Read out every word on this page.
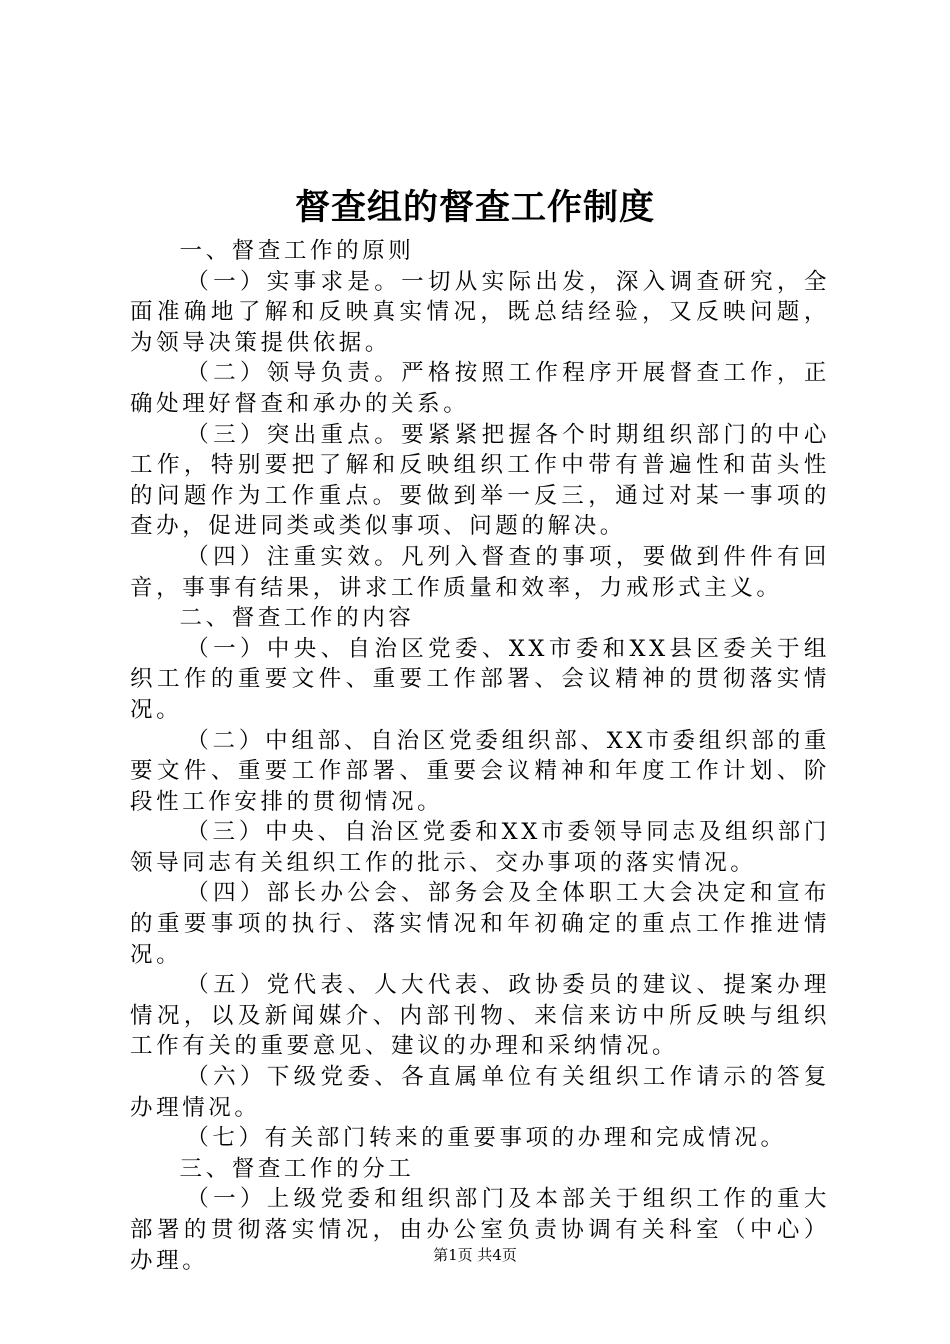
督查组的督查工作制度

一、督查工作的原则

（一）实事求是。一切从实际出发，深入调查研究，全面准确地了解和反映真实情况，既总结经验，又反映问题，为领导决策提供依据。

（二）领导负责。严格按照工作程序开展督查工作，正确处理好督查和承办的关系。

（三）突出重点。要紧紧把握各个时期组织部门的中心工作，特别要把了解和反映组织工作中带有普遍性和苗头性的问题作为工作重点。要做到举一反三，通过对某一事项的查办，促进同类或类似事项、问题的解决。

（四）注重实效。凡列入督查的事项，要做到件件有回音，事事有结果，讲求工作质量和效率，力戒形式主义。

二、督查工作的内容

（一）中央、自治区党委、XX市委和XX县区委关于组织工作的重要文件、重要工作部署、会议精神的贯彻落实情况。

（二）中组部、自治区党委组织部、XX市委组织部的重要文件、重要工作部署、重要会议精神和年度工作计划、阶段性工作安排的贯彻情况。

（三）中央、自治区党委和XX市委领导同志及组织部门领导同志有关组织工作的批示、交办事项的落实情况。

（四）部长办公会、部务会及全体职工大会决定和宣布的重要事项的执行、落实情况和年初确定的重点工作推进情况。

（五）党代表、人大代表、政协委员的建议、提案办理情况，以及新闻媒介、内部刊物、来信来访中所反映与组织工作有关的重要意见、建议的办理和采纳情况。

（六）下级党委、各直属单位有关组织工作请示的答复办理情况。

（七）有关部门转来的重要事项的办理和完成情况。

三、督查工作的分工

（一）上级党委和组织部门及本部关于组织工作的重大部署的贯彻落实情况，由办公室负责协调有关科室（中心）办理。	第1页 共4页
